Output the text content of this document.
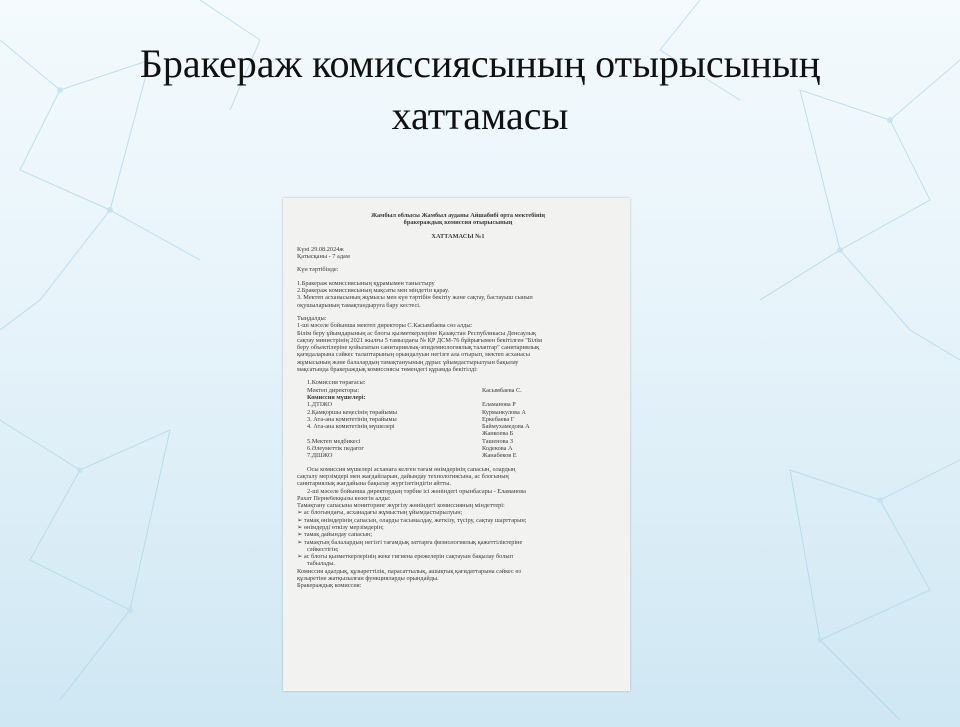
Бракераж комиссиясының отырысының
хаттамасы
Жамбыл облысы Жамбыл ауданы Айшабибі орта мектебінің
бракераждық комиссия отырысының
ХАТТАМАСЫ №1
Күні 29.08.2024ж
Қатысқаны - 7 адам
Күн тәртібінде:
1.Бракераж комиссиясының құрамымен таныстыру
2.Бракераж комиссиясының мақсаты мен міндетін қарау.
3. Мектеп асханасының жұмысы мен күн тәртібін бекітіу және сақтау, бастауыш сынып
оқушыларының тамақтандыруға бару кестесі.
Тыңдалды:
1-ші мәселе бойынша мектеп директоры С.Касымбаева сөз алды:
Білім беру ұйымдарының ас блогы қызметкерлеріне Қазақстан Республикасы Денсаулық
сақтау министрінің 2021 жылғы 5 тамыздағы № ҚР ДСМ-76 бұйрығымен бекітілген "Білім
беру объектілеріне қойылатын санитариялық-эпидемиологиялық талаптар" санитариялық
қағидаларына сәйкес талаптарының орындалуын негізге ала отырып, мектеп асханасы
жұмысының және балалардың тамақтануының дұрыс ұйымдастырылуын бақылау
мақсатында бракераждық комиссиясы төмендегі құрамда бекітілді:
1.Комиссия төрағасы:
Мектеп директоры:	Касымбаева С.
Комиссия мүшелері:
1.ДТІЖО	Еламанова Р
2.Қамқоршы кеңесінің төрайымы	Курманкулова А
3. Ата-ана комитетінің төрайымы	Еркебаева Г
4. Ата-ана комитетінің мүшелері	Баймухамедова А
Жанкоева Б
5.Мектеп медбикесі	Ташенова З
6.Әлеуметтік педагог	Кодекова А
7.ДШЖО	Жанабеков Е
Осы комиссия мүшелері асханаға келген тағам өнімдерінің сапасын, олардың
сақталу мерзімдері мен жағдайларын, дайындау технологиясына, ас блогының
санитариялық жағдайына бақылау жүргізетіндігін айтты.
2-ші мәселе бойынша директордың тәрбие ісі жөніндегі орынбасары - Еламанова
Рахат Перне6екқызы көзегін алды:
Тамақтану сапасына мониторинг жүргізу жөніндегі комиссияның міндеттері:
➢ ас блогындағы, асханадағы жұмыстың ұйымдастырылуын;
➢ тамақ өнімдерінің сапасын, оларды тасымалдау, жеткізу, түсіру, сақтау шарттарын;
➢ өнімдерді өткізу мерзімдерін;
➢ тамақ дайындау сапасын;
➢ тамақтың балалардың негізгі тағамдық заттарға физиологиялық қажеттіліктеріне
сәйкестігін;
➢ ас блогы қызметкерлерінің жеке гигиена ережелерін сақтауын бақылау болып
табылады.
Комиссия адалдық, құзыреттілік, парасаттылық, ашықтық қағидаттарына сәйкес өз
құзыретіне жатқызылған функцияларды орындайды.
Бракераждық комиссия:
